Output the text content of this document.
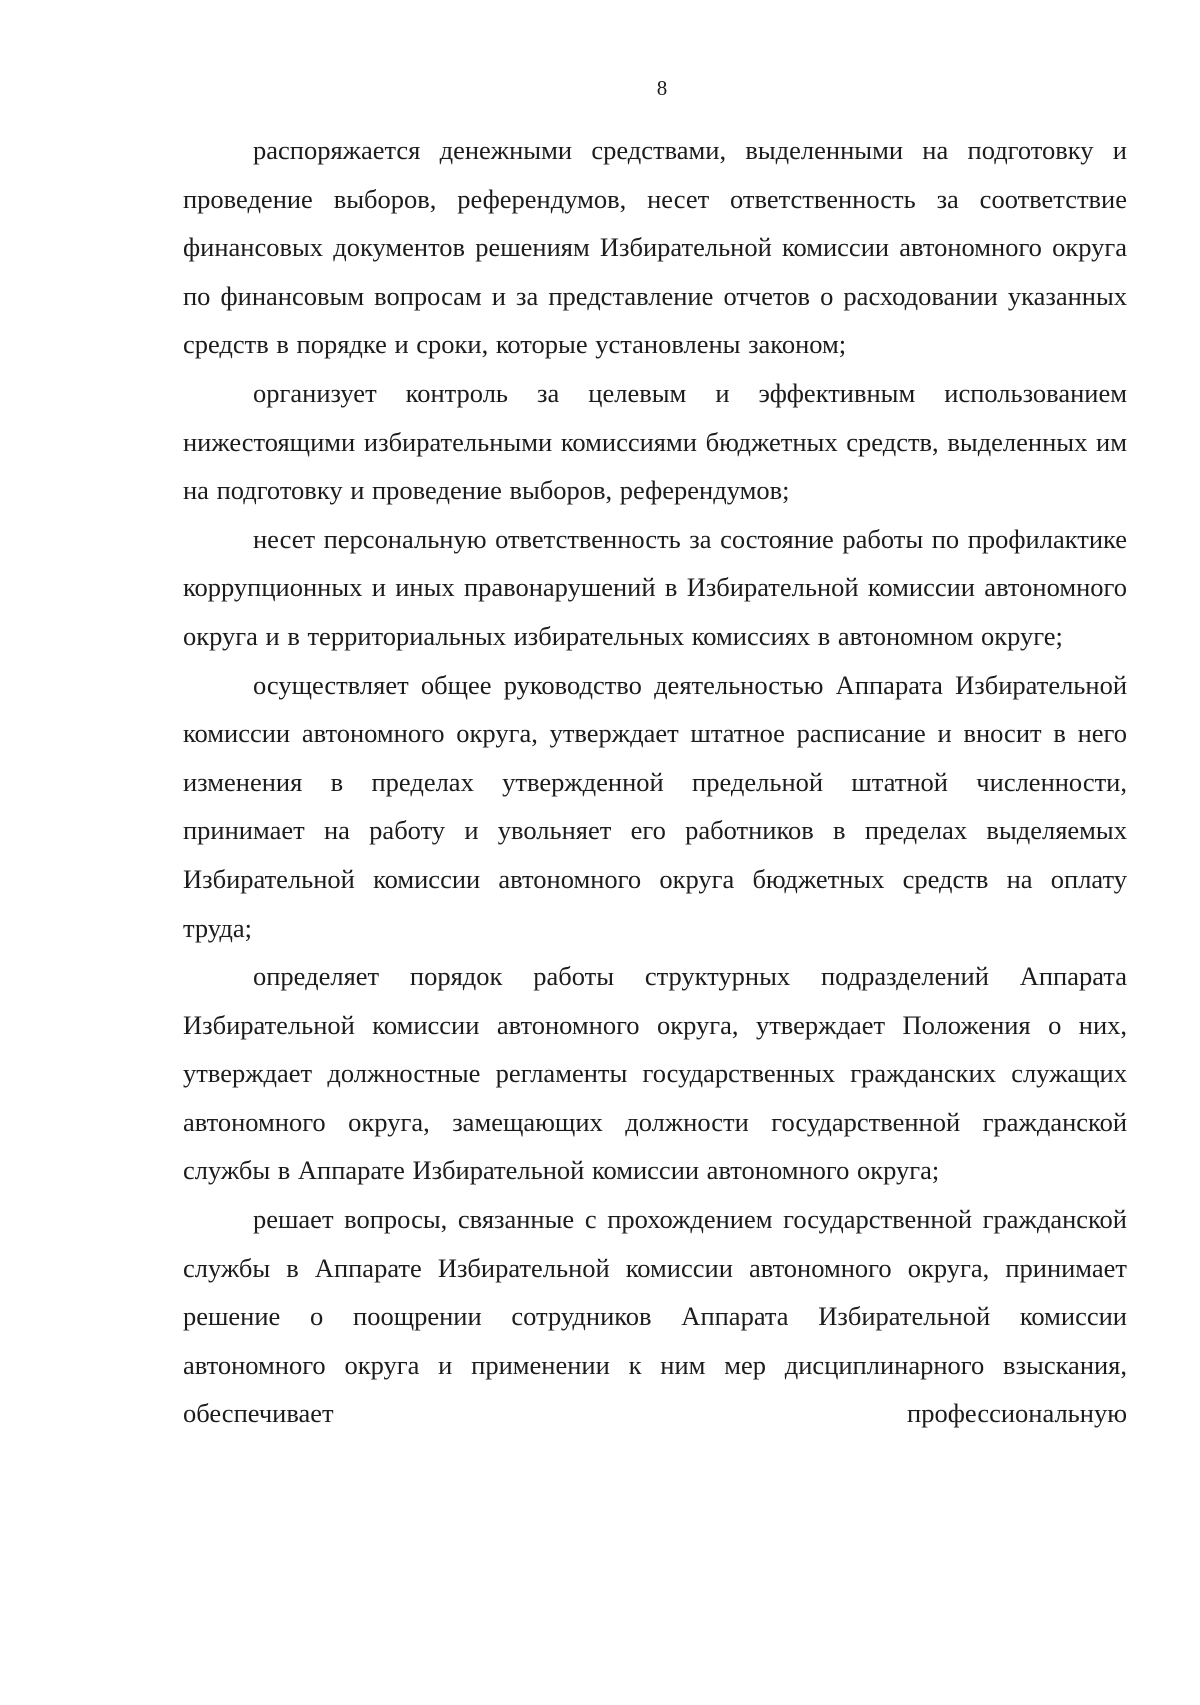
8

распоряжается денежными средствами, выделенными на подготовку и проведение выборов, референдумов, несет ответственность за соответствие финансовых документов решениям Избирательной комиссии автономного округа по финансовым вопросам и за представление отчетов о расходовании указанных средств в порядке и сроки, которые установлены законом;

организует контроль за целевым и эффективным использованием нижестоящими избирательными комиссиями бюджетных средств, выделенных им на подготовку и проведение выборов, референдумов;

несет персональную ответственность за состояние работы по профилактике коррупционных и иных правонарушений в Избирательной комиссии автономного округа и в территориальных избирательных комиссиях в автономном округе;

осуществляет общее руководство деятельностью Аппарата Избирательной комиссии автономного округа, утверждает штатное расписание и вносит в него изменения в пределах утвержденной предельной штатной численности, принимает на работу и увольняет его работников в пределах выделяемых Избирательной комиссии автономного округа бюджетных средств на оплату труда;

определяет порядок работы структурных подразделений Аппарата Избирательной комиссии автономного округа, утверждает Положения о них, утверждает должностные регламенты государственных гражданских служащих автономного округа, замещающих должности государственной гражданской службы в Аппарате Избирательной комиссии автономного округа;

решает вопросы, связанные с прохождением государственной гражданской службы в Аппарате Избирательной комиссии автономного округа, принимает решение о поощрении сотрудников Аппарата Избирательной комиссии автономного округа и применении к ним мер дисциплинарного взыскания, обеспечивает профессиональную
